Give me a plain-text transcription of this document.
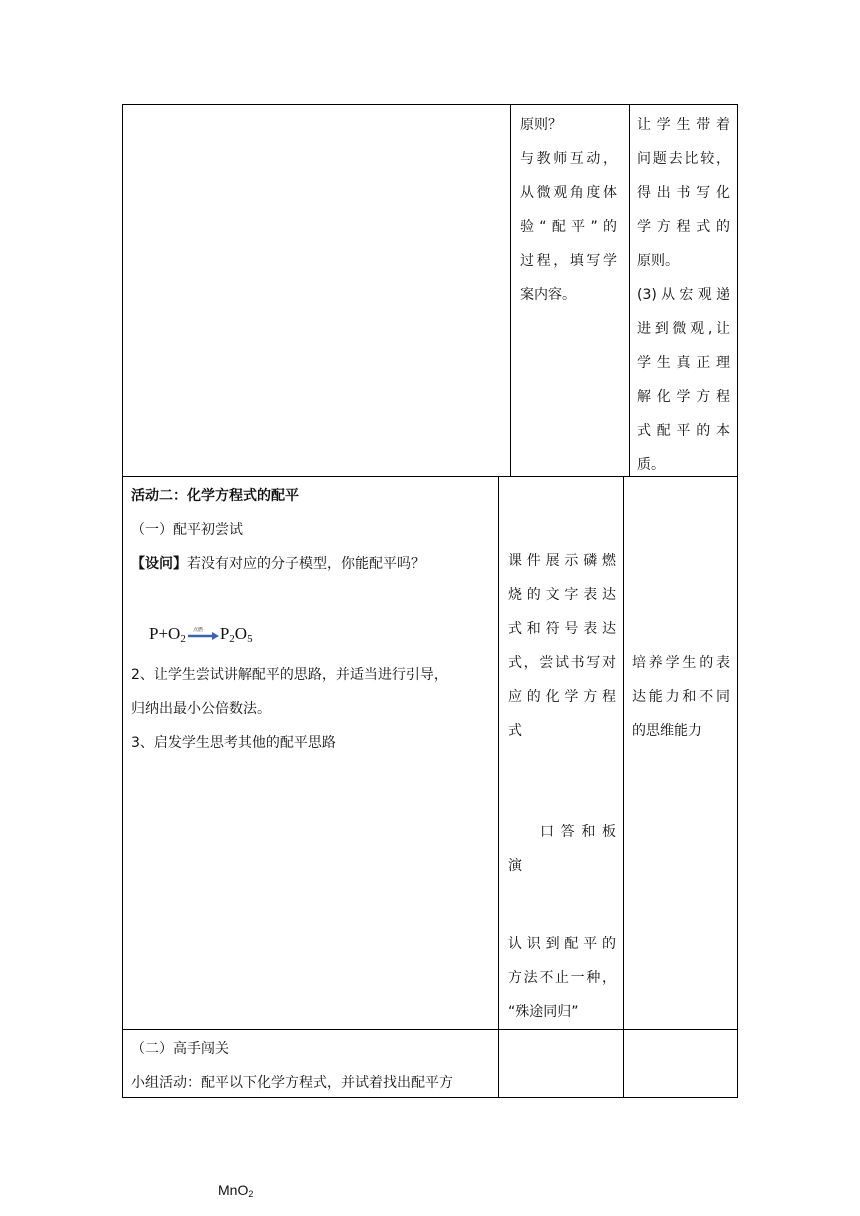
原则？

与教师互动，

从微观角度体

验“配平”的

过程，填写学

案内容。

让学生带着

问题去比较，

得出书写化

学方程式的

原则。

(3)从宏观递

进到微观,让

学生真正理

解化学方程

式配平的本

质。

活动二：化学方程式的配平

（一）配平初尝试

【设问】若没有对应的分子模型，你能配平吗？

$P+O_2$
点燃 $P_2O_5$

2、让学生尝试讲解配平的思路，并适当进行引导，

归纳出最小公倍数法。

3、启发学生思考其他的配平思路

课件展示磷燃

烧的文字表达

式和符号表达

式，尝试书写对

应的化学方程

式

口答和板

演

认识到配平的

方法不止一种，

“殊途同归”

培养学生的表

达能力和不同

的思维能力

（二）高手闯关

小组活动：配平以下化学方程式，并试着找出配平方

MnO$_2$
